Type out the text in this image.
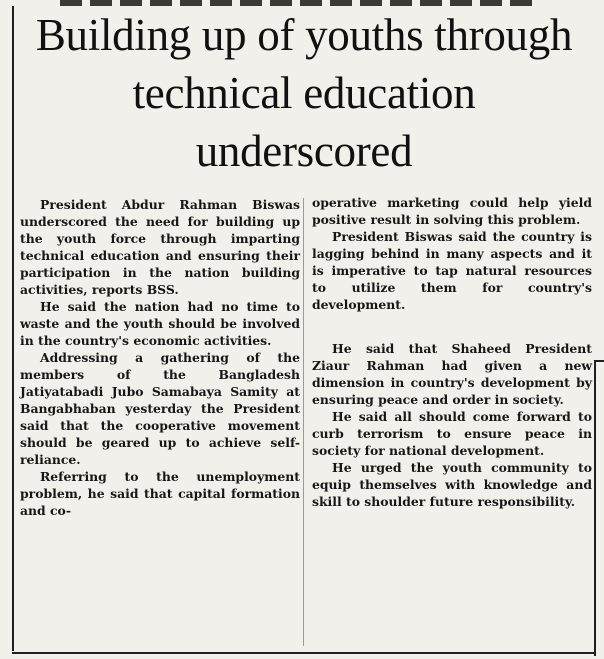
Building up of youths through technical education underscored

President Abdur Rahman Biswas underscored the need for building up the youth force through imparting technical education and ensuring their participation in the nation building activities, reports BSS.

He said the nation had no time to waste and the youth should be involved in the country's economic activities.

Addressing a gathering of the members of the Bangladesh Jatiyatabadi Jubo Samabaya Samity at Bangabhaban yesterday the President said that the cooperative movement should be geared up to achieve self-reliance.

Referring to the unemployment problem, he said that capital formation and co-

operative marketing could help yield positive result in solving this problem.

President Biswas said the country is lagging behind in many aspects and it is imperative to tap natural resources to utilize them for country's development.

He said that Shaheed President Ziaur Rahman had given a new dimension in country's development by ensuring peace and order in society.

He said all should come forward to curb terrorism to ensure peace in society for national development.

He urged the youth community to equip themselves with knowledge and skill to shoulder future responsibility.
